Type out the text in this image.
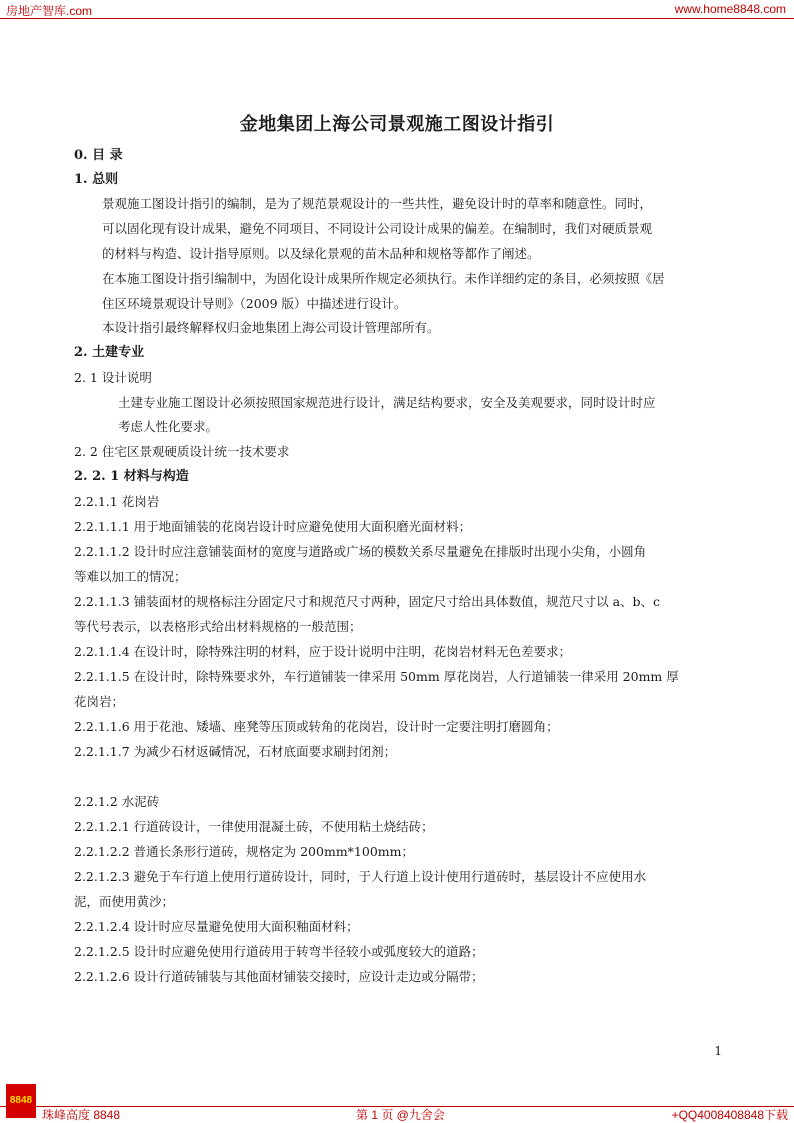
房地产智库.com	www.home8848.com
金地集团上海公司景观施工图设计指引
0. 目 录
1. 总则
景观施工图设计指引的编制，是为了规范景观设计的一些共性，避免设计时的草率和随意性。同时，
可以固化现有设计成果，避免不同项目、不同设计公司设计成果的偏差。在编制时，我们对硬质景观
的材料与构造、设计指导原则。以及绿化景观的苗木品种和规格等都作了阐述。
在本施工图设计指引编制中，为固化设计成果所作规定必须执行。未作详细约定的条目，必须按照《居
住区环境景观设计导则》（2009 版）中描述进行设计。
本设计指引最终解释权归金地集团上海公司设计管理部所有。
2. 土建专业
2. 1 设计说明
土建专业施工图设计必须按照国家规范进行设计，满足结构要求，安全及美观要求，同时设计时应
考虑人性化要求。
2. 2 住宅区景观硬质设计统一技术要求
2. 2. 1 材料与构造
2.2.1.1 花岗岩
2.2.1.1.1 用于地面铺装的花岗岩设计时应避免使用大面积磨光面材料；
2.2.1.1.2 设计时应注意铺装面材的宽度与道路或广场的模数关系尽量避免在排版时出现小尖角，小圆角
等难以加工的情况；
2.2.1.1.3 铺装面材的规格标注分固定尺寸和规范尺寸两种，固定尺寸给出具体数值，规范尺寸以 a、b、c
等代号表示，以表格形式给出材料规格的一般范围；
2.2.1.1.4 在设计时，除特殊注明的材料，应于设计说明中注明，花岗岩材料无色差要求；
2.2.1.1.5 在设计时，除特殊要求外，车行道铺装一律采用 50mm 厚花岗岩，人行道铺装一律采用 20mm 厚
花岗岩；
2.2.1.1.6 用于花池、矮墙、座凳等压顶或转角的花岗岩，设计时一定要注明打磨圆角；
2.2.1.1.7 为减少石材返碱情况，石材底面要求刷封闭剂；
2.2.1.2 水泥砖
2.2.1.2.1 行道砖设计，一律使用混凝土砖，不使用粘土烧结砖；
2.2.1.2.2 普通长条形行道砖，规格定为 200mm*100mm；
2.2.1.2.3 避免于车行道上使用行道砖设计，同时，于人行道上设计使用行道砖时，基层设计不应使用水
泥，而使用黄沙；
2.2.1.2.4 设计时应尽量避免使用大面积釉面材料；
2.2.1.2.5 设计时应避免使用行道砖用于转弯半径较小或弧度较大的道路；
2.2.1.2.6 设计行道砖铺装与其他面材铺装交接时，应设计走边或分隔带；
1
8848
珠峰高度 8848	第 1 页 @九舍会	+QQ4008408848下载
